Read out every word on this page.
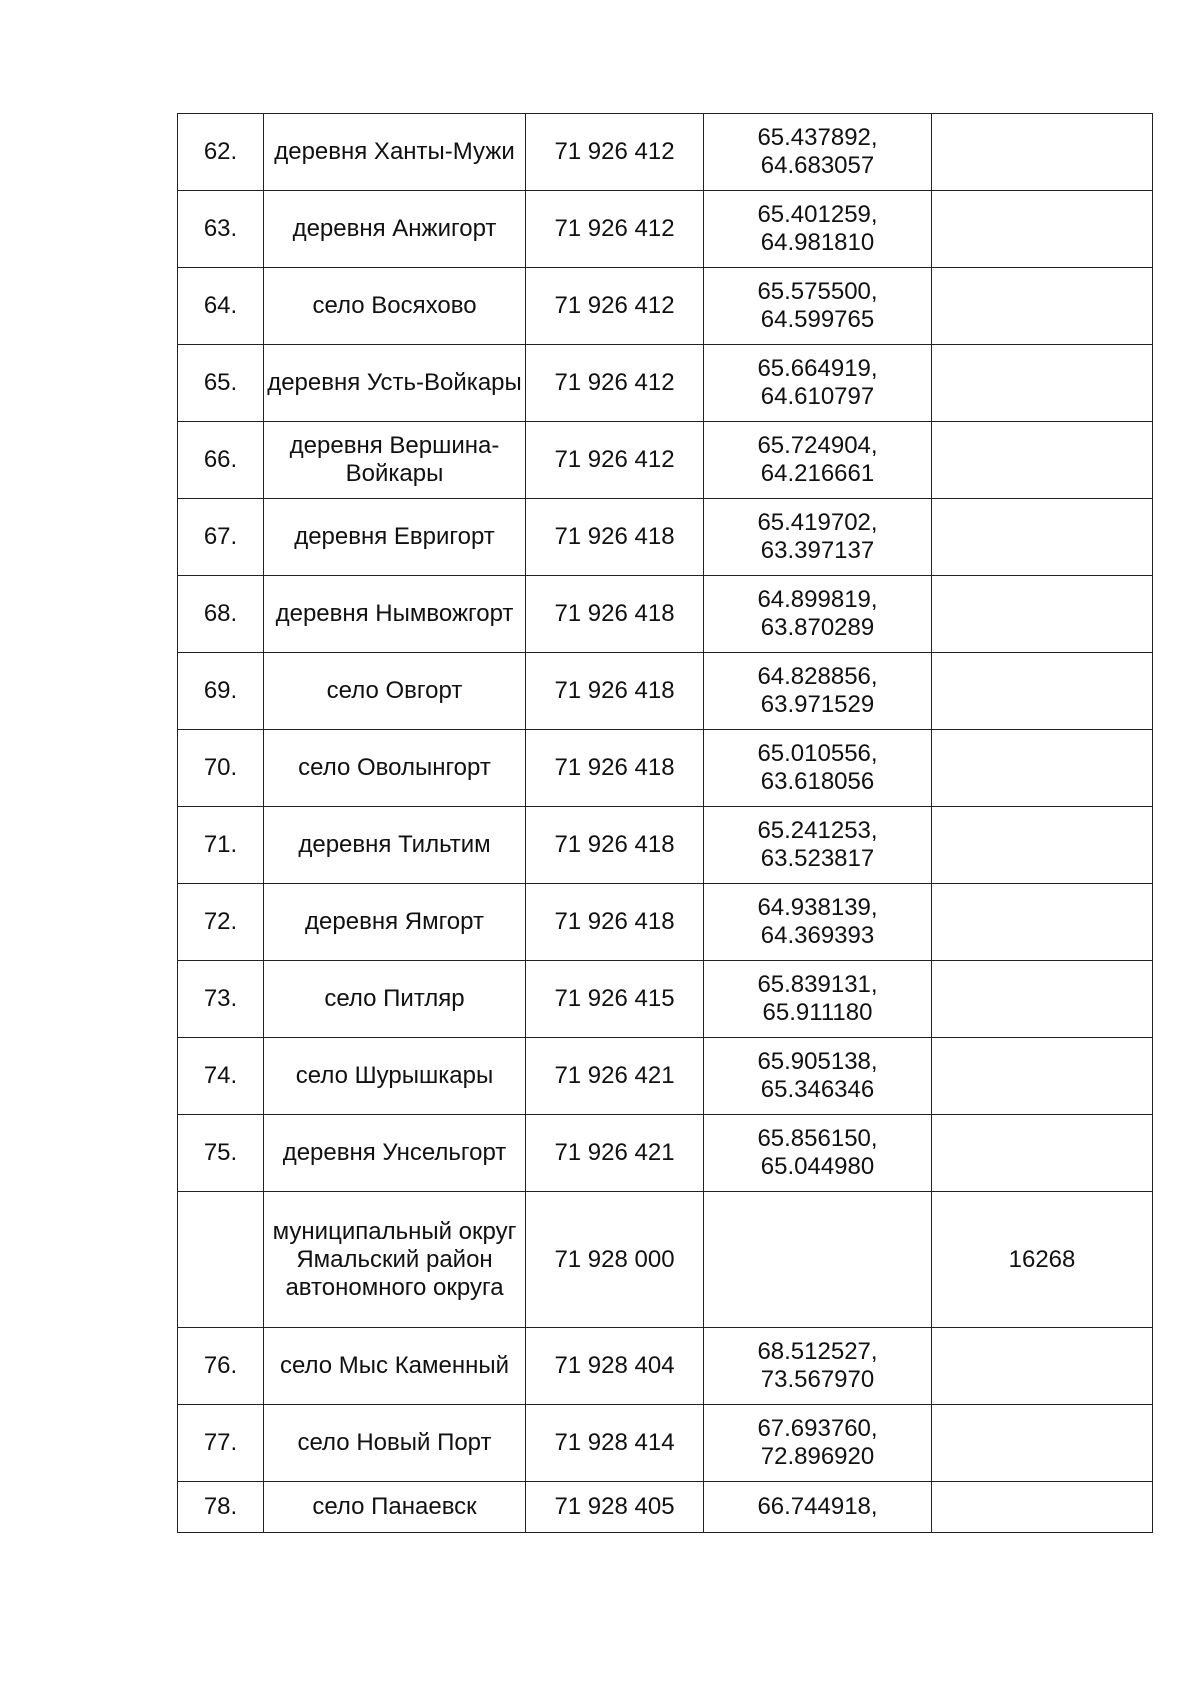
62.	деревня Ханты-Мужи	71 926 412	65.437892,
64.683057	

63.	деревня Анжигорт	71 926 412	65.401259,
64.981810	

64.	село Восяхово	71 926 412	65.575500,
64.599765	

65.	деревня Усть-Войкары	71 926 412	65.664919,
64.610797	

66.	деревня Вершина-Войкары	71 926 412	65.724904,
64.216661	

67.	деревня Евригорт	71 926 418	65.419702,
63.397137	

68.	деревня Нымвожгорт	71 926 418	64.899819,
63.870289	

69.	село Овгорт	71 926 418	64.828856,
63.971529	

70.	село Оволынгорт	71 926 418	65.010556,
63.618056	

71.	деревня Тильтим	71 926 418	65.241253,
63.523817	

72.	деревня Ямгорт	71 926 418	64.938139,
64.369393	

73.	село Питляр	71 926 415	65.839131,
65.911180	

74.	село Шурышкары	71 926 421	65.905138,
65.346346	

75.	деревня Унсельгорт	71 926 421	65.856150,
65.044980	

	муниципальный округ Ямальский район автономного округа	71 928 000		16268
76.	село Мыс Каменный	71 928 404	68.512527,
73.567970	

77.	село Новый Порт	71 928 414	67.693760,
72.896920	

78.	село Панаевск	71 928 405	66.744918,	
